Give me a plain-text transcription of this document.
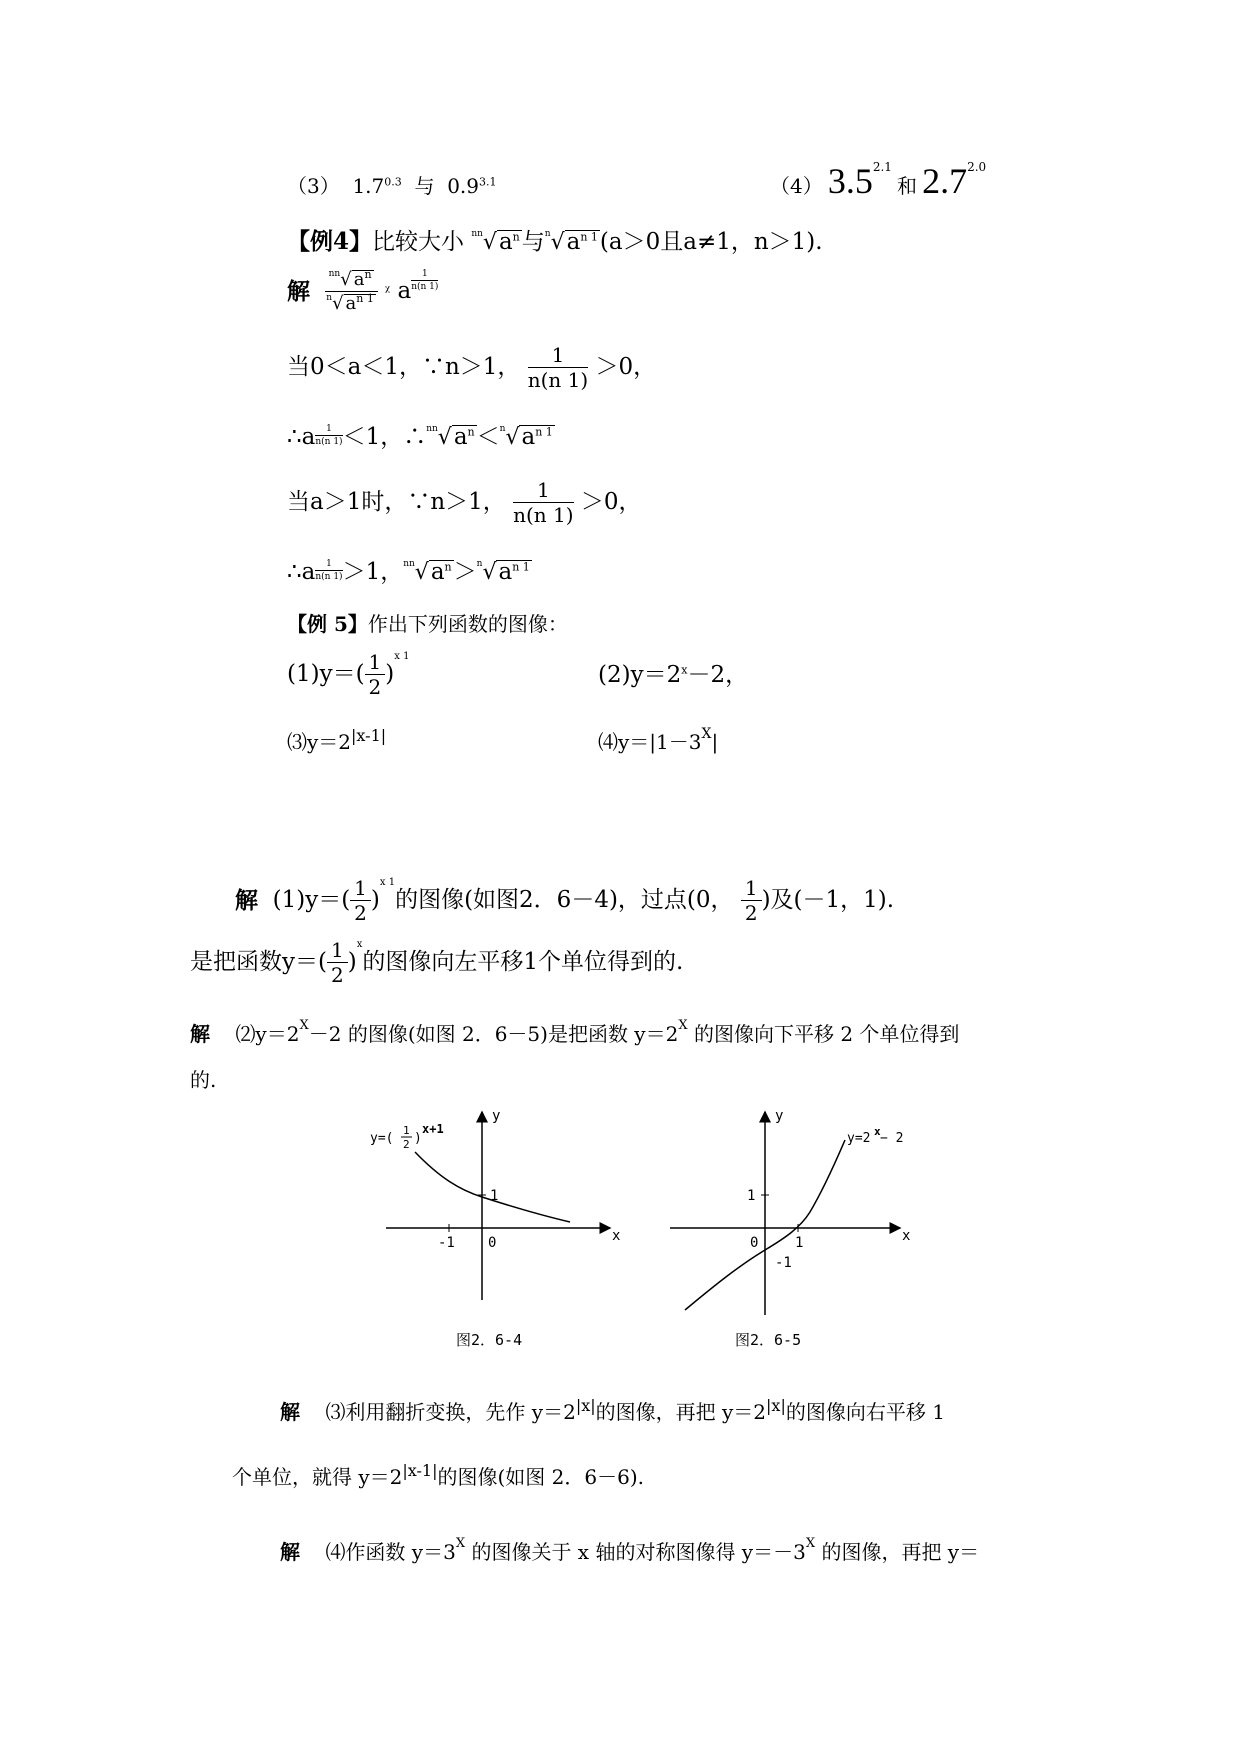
（3） $1.7^{0.3}$ 与 $0.9^{3.1}$	（4） $3.5^{2.1}$ 和 $2.7^{2.0}$
【例4】比较大小 $^{nn}√a^n$与$^n√a^{n 1}(a>0$且a≠1，n＞1).
解 $\frac{^{nn}√ a^n}{^n√ a^{n 1}}$ ᵡ a $\frac{1}{n(n 1)}$
当0＜a＜1，∵n＞1， $\frac{1}{n(n 1)} >0$，
∴a $\frac{1}{n(n 1)} <1$，$\therefore^{nn}√a^n<^n√a^{n 1}$
当a＞1时，∵n＞1， $\frac{1}{n(n 1)} >0$，
∴a $\frac{1}{n(n 1)} >1$，$^{nn}√a^n>^n√a^{n 1}$
【例 5】作出下列函数的图像：
$(1)y=( \frac{1}{2} )^{x 1}$
$(2)y=2^x-2$，
$⑶y=2^{|x-1|}$	$⑷y=|1-3^X|$
解 $(1)y=( \frac{1}{2} )^{x 1}$的图像(如图2．6－4)，过点(0， $\frac{1}{2}$ )及(－1，1).
是把函数$y=( \frac{1}{2} )^x$的图像向左平移1个单位得到的.
解 $⑵y=2^X-2$ 的图像(如图 2．6－5)是把函数 $y=2^X$ 的图像向下平移 2 个单位得到
的.
y
x
1
-1 0
y=(
1
2 )
x+1
图2．6-4
y
x
1
1
-1
0
y=2 x − 2
图2．6-5
解 ⑶利用翻折变换，先作 $y=2^{|x|}$的图像，再把 $y=2^{|x|}$的图像向右平移 1
个单位，就得 $y=2^{|x-1|}$的图像(如图 2．6－6).
解 ⑷作函数 $y=3^X$ 的图像关于 x 轴的对称图像得 $y=-3^X$ 的图像，再把 y＝
